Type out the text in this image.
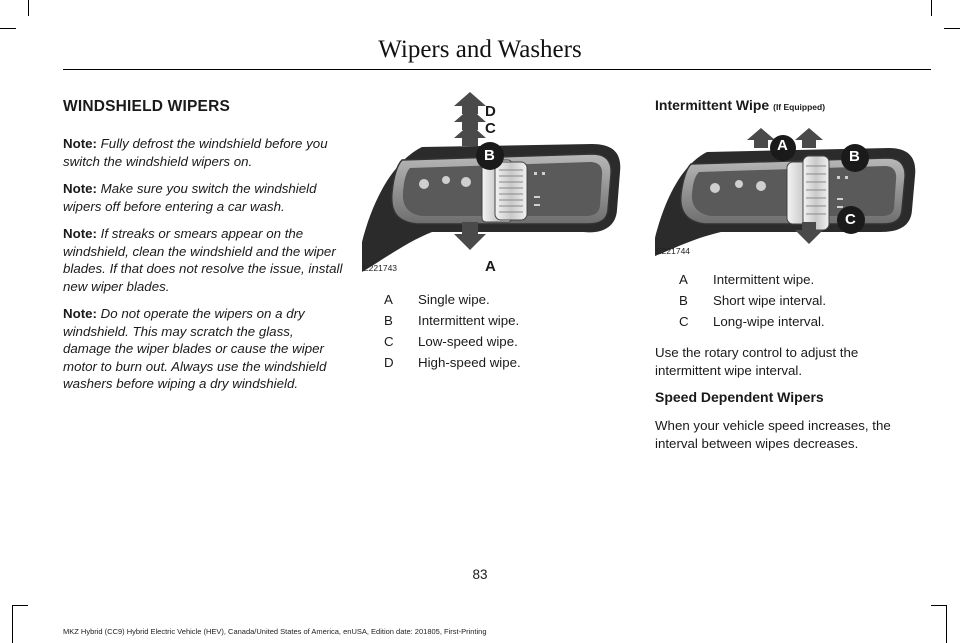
Wipers and Washers
WINDSHIELD WIPERS

Note: Fully defrost the windshield before you switch the windshield wipers on.

Note: Make sure you switch the windshield wipers off before entering a car wash.

Note: If streaks or smears appear on the windshield, clean the windshield and the wiper blades. If that does not resolve the issue, install new wiper blades.

Note: Do not operate the wipers on a dry windshield. This may scratch the glass, damage the wiper blades or cause the wiper motor to burn out. Always use the windshield washers before wiping a dry windshield.

D
C
B
A
E221743
A Single wipe.
B Intermittent wipe.
C Low-speed wipe.
D High-speed wipe.
Intermittent Wipe (If Equipped)
A
B
C
E221744
A Intermittent wipe.
B Short wipe interval.
C Long-wipe interval.
Use the rotary control to adjust the intermittent wipe interval.
Speed Dependent Wipers
When your vehicle speed increases, the interval between wipes decreases.
83
MKZ Hybrid (CC9) Hybrid Electric Vehicle (HEV), Canada/United States of America, enUSA, Edition date: 201805, First-Printing
